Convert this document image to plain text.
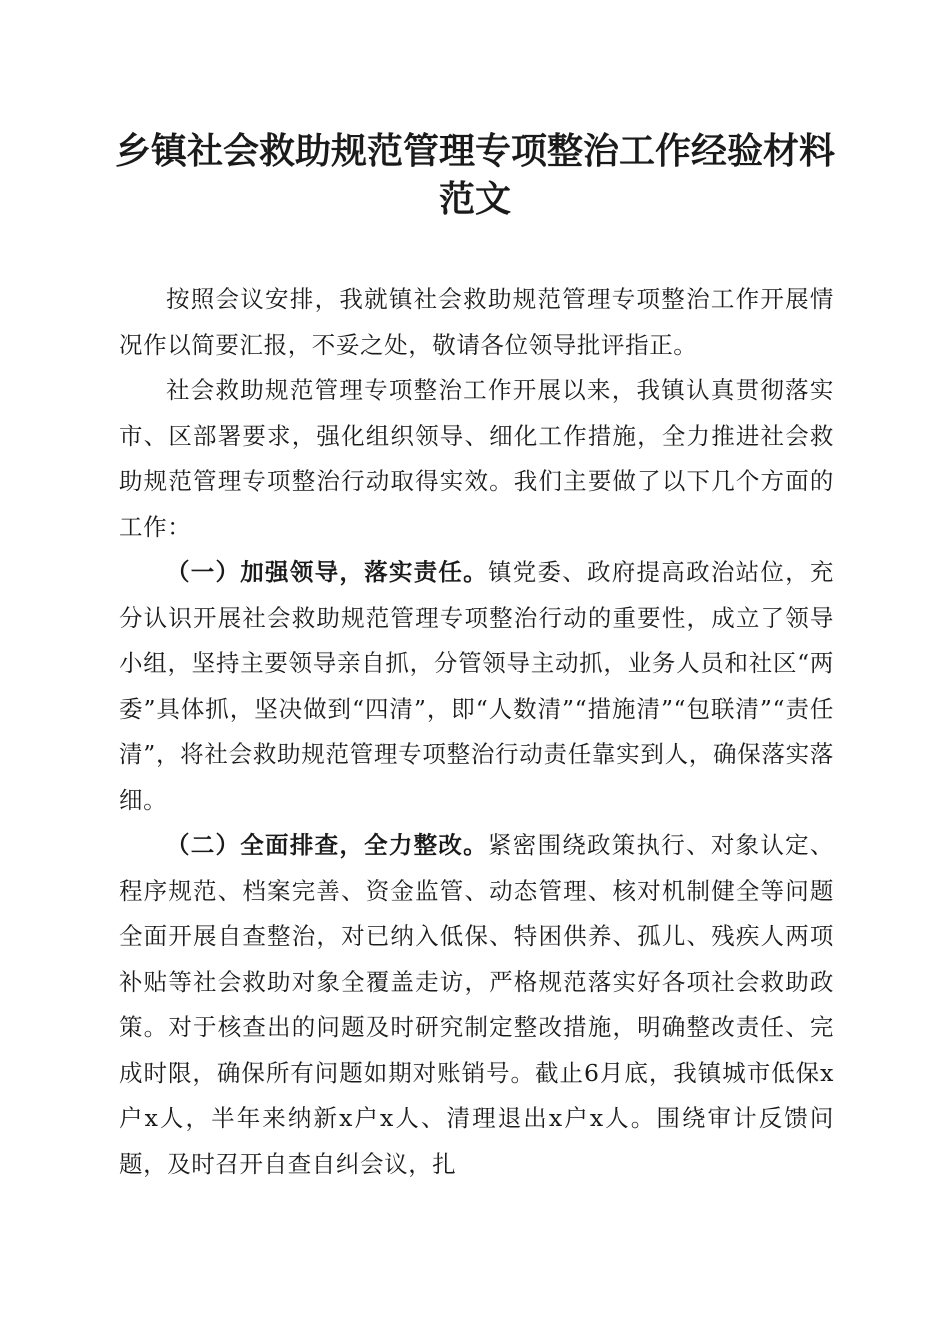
乡镇社会救助规范管理专项整治工作经验材料
范文

按照会议安排，我就镇社会救助规范管理专项整治工作开展情况作以简要汇报，不妥之处，敬请各位领导批评指正。

社会救助规范管理专项整治工作开展以来，我镇认真贯彻落实市、区部署要求，强化组织领导、细化工作措施，全力推进社会救助规范管理专项整治行动取得实效。我们主要做了以下几个方面的工作：

（一）加强领导，落实责任。镇党委、政府提高政治站位，充分认识开展社会救助规范管理专项整治行动的重要性，成立了领导小组，坚持主要领导亲自抓，分管领导主动抓，业务人员和社区“两委”具体抓，坚决做到“四清”，即“人数清”“措施清”“包联清”“责任清”，将社会救助规范管理专项整治行动责任靠实到人，确保落实落细。

（二）全面排查，全力整改。紧密围绕政策执行、对象认定、程序规范、档案完善、资金监管、动态管理、核对机制健全等问题全面开展自查整治，对已纳入低保、特困供养、孤儿、残疾人两项补贴等社会救助对象全覆盖走访，严格规范落实好各项社会救助政策。对于核查出的问题及时研究制定整改措施，明确整改责任、完成时限，确保所有问题如期对账销号。截止6月底，我镇城市低保x户x人，半年来纳新x户x人、清理退出x户x人。围绕审计反馈问题，及时召开自查自纠会议，扎
